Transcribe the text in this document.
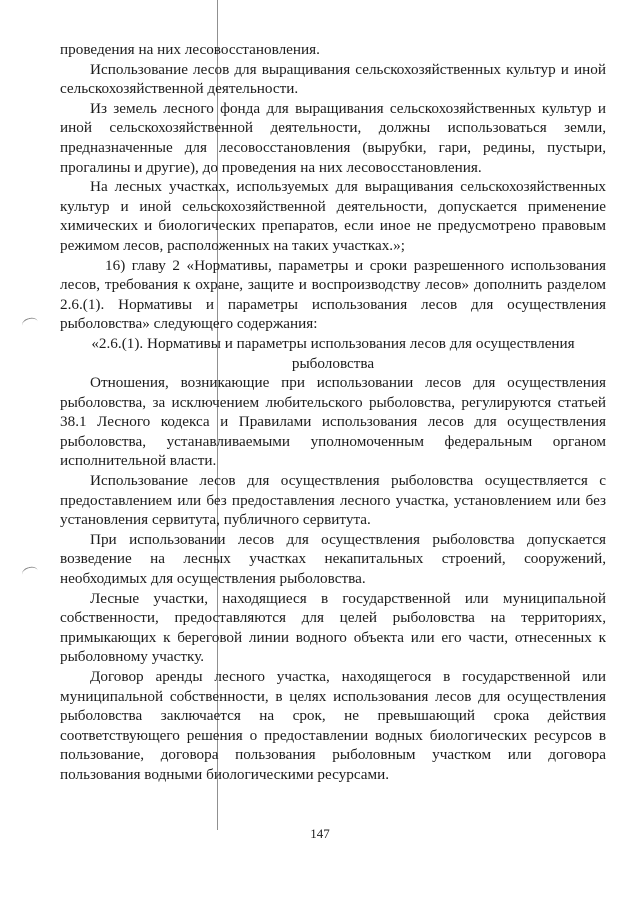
проведения на них лесовосстановления.

Использование лесов для выращивания сельскохозяйственных культур и иной сельскохозяйственной деятельности.

Из земель лесного фонда для выращивания сельскохозяйственных культур и иной сельскохозяйственной деятельности, должны использоваться земли, предназначенные для лесовосстановления (вырубки, гари, редины, пустыри, прогалины и другие), до проведения на них лесовосстановления.

На лесных участках, используемых для выращивания сельскохозяйственных культур и иной сельскохозяйственной деятельности, допускается применение химических и биологических препаратов, если иное не предусмотрено правовым режимом лесов, расположенных на таких участках.»;

16) главу 2 «Нормативы, параметры и сроки разрешенного использования лесов, требования к охране, защите и воспроизводству лесов» дополнить разделом 2.6.(1). Нормативы и параметры использования лесов для осуществления рыболовства» следующего содержания:

«2.6.(1). Нормативы и параметры использования лесов для осуществления рыболовства

Отношения, возникающие при использовании лесов для осуществления рыболовства, за исключением любительского рыболовства, регулируются статьей 38.1 Лесного кодекса и Правилами использования лесов для осуществления рыболовства, устанавливаемыми уполномоченным федеральным органом исполнительной власти.

Использование лесов для осуществления рыболовства осуществляется с предоставлением или без предоставления лесного участка, установлением или без установления сервитута, публичного сервитута.

При использовании лесов для осуществления рыболовства допускается возведение на лесных участках некапитальных строений, сооружений, необходимых для осуществления рыболовства.

Лесные участки, находящиеся в государственной или муниципальной собственности, предоставляются для целей рыболовства на территориях, примыкающих к береговой линии водного объекта или его части, отнесенных к рыболовному участку.

Договор аренды лесного участка, находящегося в государственной или муниципальной собственности, в целях использования лесов для осуществления рыболовства заключается на срок, не превышающий срока действия соответствующего решения о предоставлении водных биологических ресурсов в пользование, договора пользования рыболовным участком или договора пользования водными биологическими ресурсами.

147
